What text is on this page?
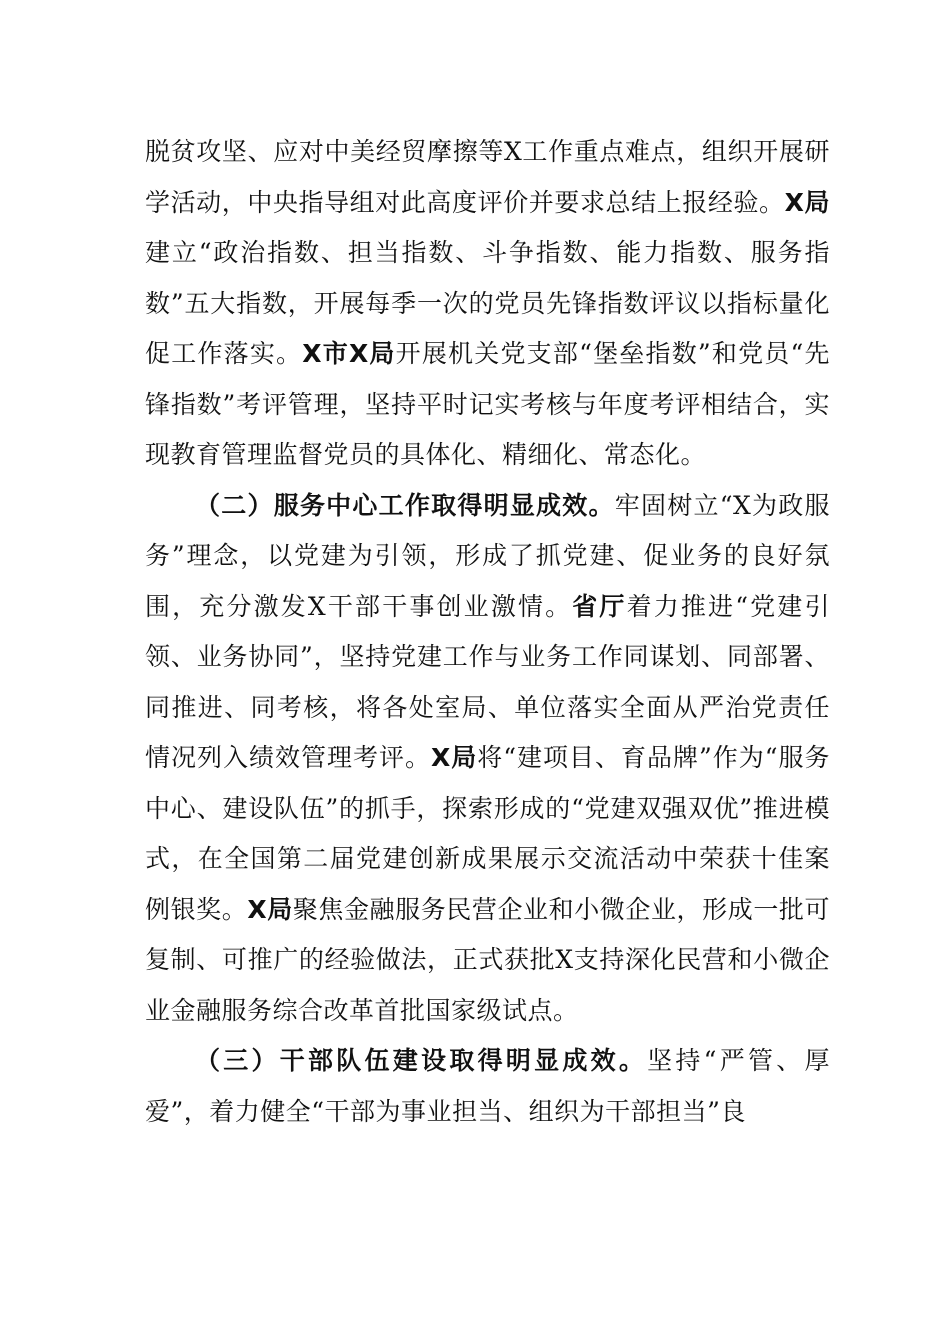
脱贫攻坚、应对中美经贸摩擦等X工作重点难点，组织开展研学活动，中央指导组对此高度评价并要求总结上报经验。X局建立“政治指数、担当指数、斗争指数、能力指数、服务指数”五大指数，开展每季一次的党员先锋指数评议以指标量化促工作落实。X市X局开展机关党支部“堡垒指数”和党员“先锋指数”考评管理，坚持平时记实考核与年度考评相结合，实现教育管理监督党员的具体化、精细化、常态化。

（二）服务中心工作取得明显成效。牢固树立“X为政服务”理念，以党建为引领，形成了抓党建、促业务的良好氛围，充分激发X干部干事创业激情。省厅着力推进“党建引领、业务协同”，坚持党建工作与业务工作同谋划、同部署、同推进、同考核，将各处室局、单位落实全面从严治党责任情况列入绩效管理考评。X局将“建项目、育品牌”作为“服务中心、建设队伍”的抓手，探索形成的“党建双强双优”推进模式，在全国第二届党建创新成果展示交流活动中荣获十佳案例银奖。X局聚焦金融服务民营企业和小微企业，形成一批可复制、可推广的经验做法，正式获批X支持深化民营和小微企业金融服务综合改革首批国家级试点。

（三）干部队伍建设取得明显成效。坚持“严管、厚爱”，着力健全“干部为事业担当、组织为干部担当”良
